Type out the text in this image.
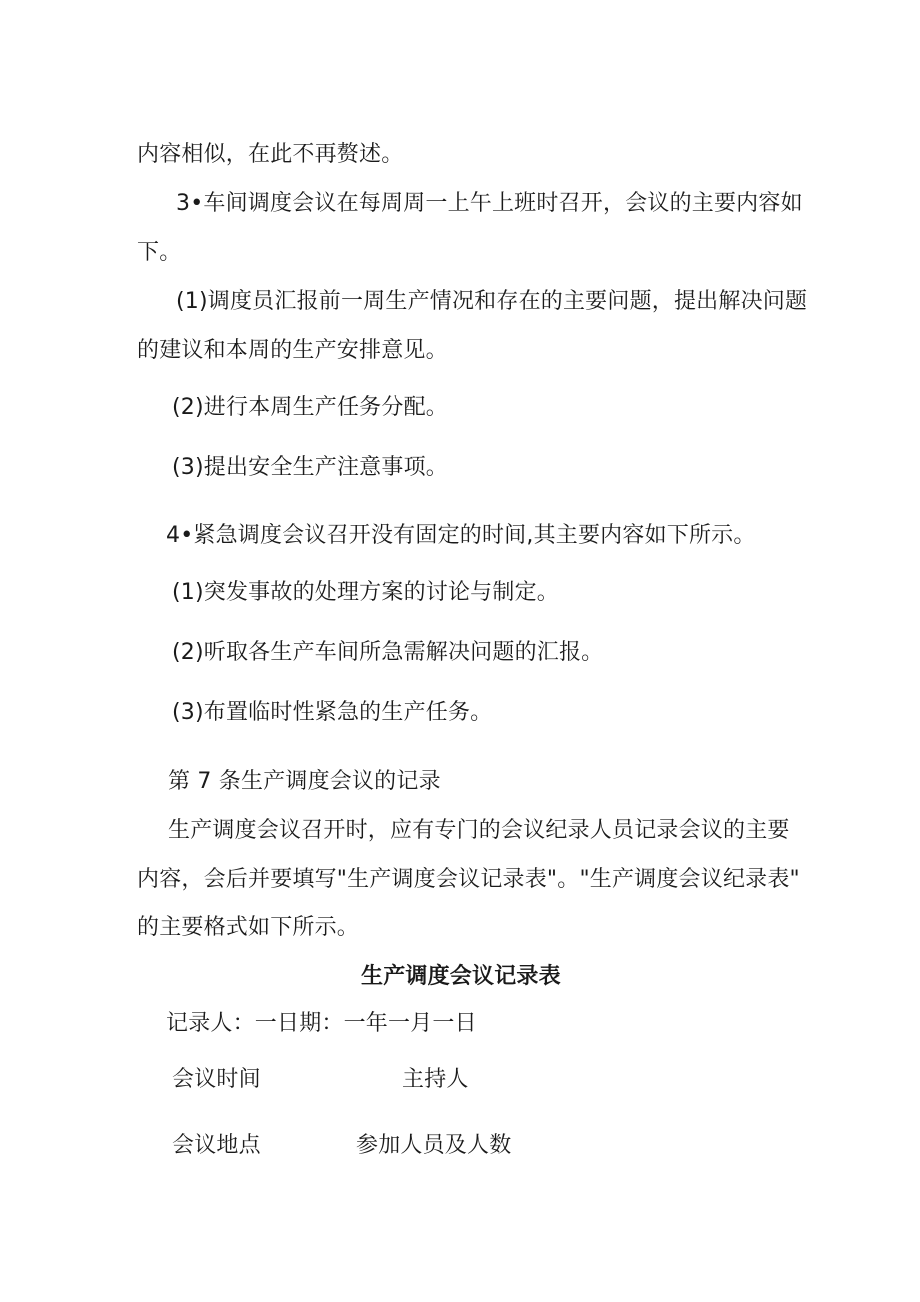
内容相似，在此不再赘述。
3•车间调度会议在每周周一上午上班时召开，会议的主要内容如
下。
(1)调度员汇报前一周生产情况和存在的主要问题，提出解决问题
的建议和本周的生产安排意见。
(2)进行本周生产任务分配。
(3)提出安全生产注意事项。
4•紧急调度会议召开没有固定的时间,其主要内容如下所示。
(1)突发事故的处理方案的讨论与制定。
(2)听取各生产车间所急需解决问题的汇报。
(3)布置临时性紧急的生产任务。
第 7 条生产调度会议的记录
生产调度会议召开时，应有专门的会议纪录人员记录会议的主要
内容，会后并要填写"生产调度会议记录表"。"生产调度会议纪录表"
的主要格式如下所示。
生产调度会议记录表
记录人：一日期：一年一月一日
会议时间	主持人
会议地点	参加人员及人数
